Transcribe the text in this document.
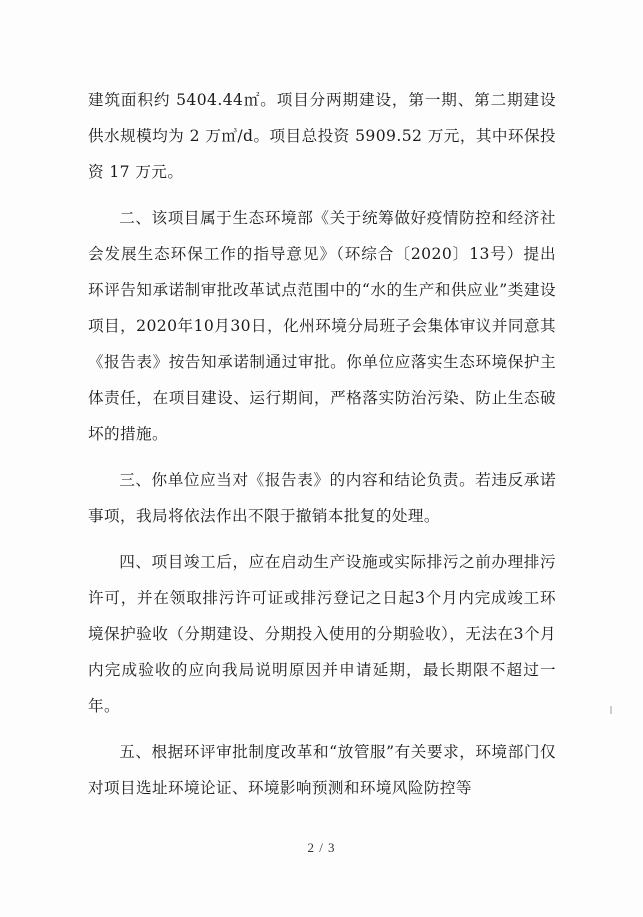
建筑面积约 5404.44㎡。项目分两期建设，第一期、第二期建设供水规模均为 2 万㎥/d。项目总投资 5909.52 万元，其中环保投资 17 万元。

二、该项目属于生态环境部《关于统筹做好疫情防控和经济社会发展生态环保工作的指导意见》（环综合〔2020〕13号）提出环评告知承诺制审批改革试点范围中的“水的生产和供应业”类建设项目，2020年10月30日，化州环境分局班子会集体审议并同意其《报告表》按告知承诺制通过审批。你单位应落实生态环境保护主体责任，在项目建设、运行期间，严格落实防治污染、防止生态破坏的措施。

三、你单位应当对《报告表》的内容和结论负责。若违反承诺事项，我局将依法作出不限于撤销本批复的处理。

四、项目竣工后，应在启动生产设施或实际排污之前办理排污许可，并在领取排污许可证或排污登记之日起3个月内完成竣工环境保护验收（分期建设、分期投入使用的分期验收），无法在3个月内完成验收的应向我局说明原因并申请延期，最长期限不超过一年。

五、根据环评审批制度改革和“放管服”有关要求，环境部门仅对项目选址环境论证、环境影响预测和环境风险防控等

2 / 3
